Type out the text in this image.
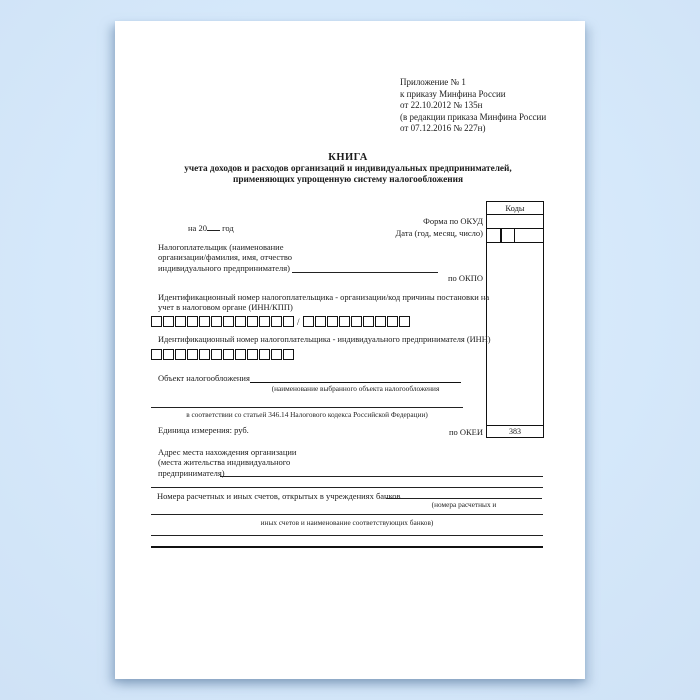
Приложение № 1
к приказу Минфина России
от 22.10.2012 № 135н
(в редакции приказа Минфина России
от 07.12.2016 № 227н)
КНИГА
учета доходов и расходов организаций и индивидуальных предпринимателей,
применяющих упрощенную систему налогообложения
Коды
383
Форма по ОКУД
Дата (год, месяц, число)
по ОКПО
по ОКЕИ
на 20 год
Налогоплательщик (наименование
организации/фамилия, имя, отчество
индивидуального предпринимателя)
Идентификационный номер налогоплательщика - организации/код причины постановки на
учет в налоговом органе (ИНН/КПП)
/
Идентификационный номер налогоплательщика - индивидуального предпринимателя (ИНН)
Объект налогообложения
(наименование выбранного объекта налогообложения
в соответствии со статьей 346.14 Налогового кодекса Российской Федерации)
Единица измерения: руб.
Адрес места нахождения организации
(места жительства индивидуального
предпринимателя)
Номера расчетных и иных счетов, открытых в учреждениях банков
(номера расчетных и
иных счетов и наименование соответствующих банков)
